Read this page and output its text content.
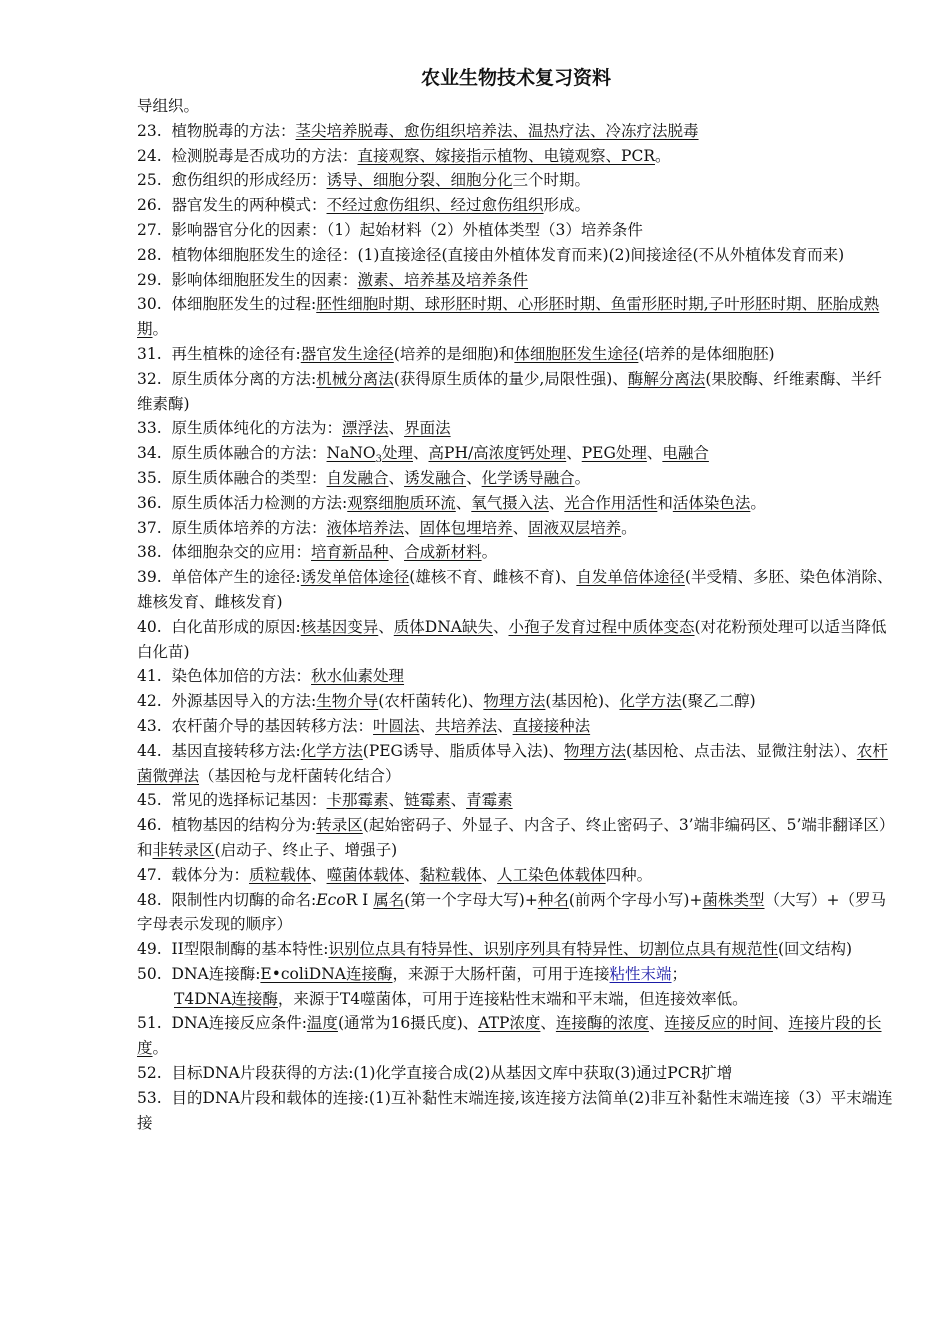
农业生物技术复习资料
导组织。
23. 植物脱毒的方法：茎尖培养脱毒、愈伤组织培养法、温热疗法、冷冻疗法脱毒
24. 检测脱毒是否成功的方法：直接观察、嫁接指示植物、电镜观察、PCR。
25. 愈伤组织的形成经历：诱导、细胞分裂、细胞分化三个时期。
26. 器官发生的两种模式：不经过愈伤组织、经过愈伤组织形成。
27. 影响器官分化的因素：（1）起始材料（2）外植体类型（3）培养条件
28. 植物体细胞胚发生的途径：(1)直接途径(直接由外植体发育而来)(2)间接途径(不从外植体发育而来)
29. 影响体细胞胚发生的因素：激素、培养基及培养条件
30. 体细胞胚发生的过程:胚性细胞时期、球形胚时期、心形胚时期、鱼雷形胚时期,子叶形胚时期、胚胎成熟期。
31. 再生植株的途径有:器官发生途径(培养的是细胞)和体细胞胚发生途径(培养的是体细胞胚)
32. 原生质体分离的方法:机械分离法(获得原生质体的量少,局限性强)、酶解分离法(果胶酶、纤维素酶、半纤维素酶)
33. 原生质体纯化的方法为：漂浮法、界面法
34. 原生质体融合的方法：NaNO$_3$处理、高PH/高浓度钙处理、PEG处理、电融合
35. 原生质体融合的类型：自发融合、诱发融合、化学诱导融合。
36. 原生质体活力检测的方法:观察细胞质环流、氧气摄入法、光合作用活性和活体染色法。
37. 原生质体培养的方法：液体培养法、固体包埋培养、固液双层培养。
38. 体细胞杂交的应用：培育新品种、合成新材料。
39. 单倍体产生的途径:诱发单倍体途径(雄核不育、雌核不育)、自发单倍体途径(半受精、多胚、染色体消除、雄核发育、雌核发育)
40. 白化苗形成的原因:核基因变异、质体DNA缺失、小孢子发育过程中质体变态(对花粉预处理可以适当降低白化苗)
41. 染色体加倍的方法：秋水仙素处理
42. 外源基因导入的方法:生物介导(农杆菌转化)、物理方法(基因枪)、化学方法(聚乙二醇)
43. 农杆菌介导的基因转移方法：叶圆法、共培养法、直接接种法
44. 基因直接转移方法:化学方法(PEG诱导、脂质体导入法)、物理方法(基因枪、点击法、显微注射法）、农杆菌微弹法（基因枪与龙杆菌转化结合）
45. 常见的选择标记基因：卡那霉素、链霉素、青霉素
46. 植物基因的结构分为:转录区(起始密码子、外显子、内含子、终止密码子、3’端非编码区、5’端非翻译区）和非转录区(启动子、终止子、增强子)
47. 载体分为：质粒载体、噬菌体载体、黏粒载体、人工染色体载体四种。
48. 限制性内切酶的命名:EcoR Ⅰ 属名(第一个字母大写)+种名(前两个字母小写)+菌株类型（大写）+（罗马字母表示发现的顺序）
49. II型限制酶的基本特性:识别位点具有特异性、识别序列具有特异性、切割位点具有规范性(回文结构)
50. DNA连接酶:E•coliDNA连接酶，来源于大肠杆菌，可用于连接粘性末端；
T4DNA连接酶，来源于T4噬菌体，可用于连接粘性末端和平末端，但连接效率低。
51. DNA连接反应条件:温度(通常为16摄氏度)、ATP浓度、连接酶的浓度、连接反应的时间、连接片段的长度。
52. 目标DNA片段获得的方法:(1)化学直接合成(2)从基因文库中获取(3)通过PCR扩增
53. 目的DNA片段和载体的连接:(1)互补黏性末端连接,该连接方法简单(2)非互补黏性末端连接（3）平末端连接
